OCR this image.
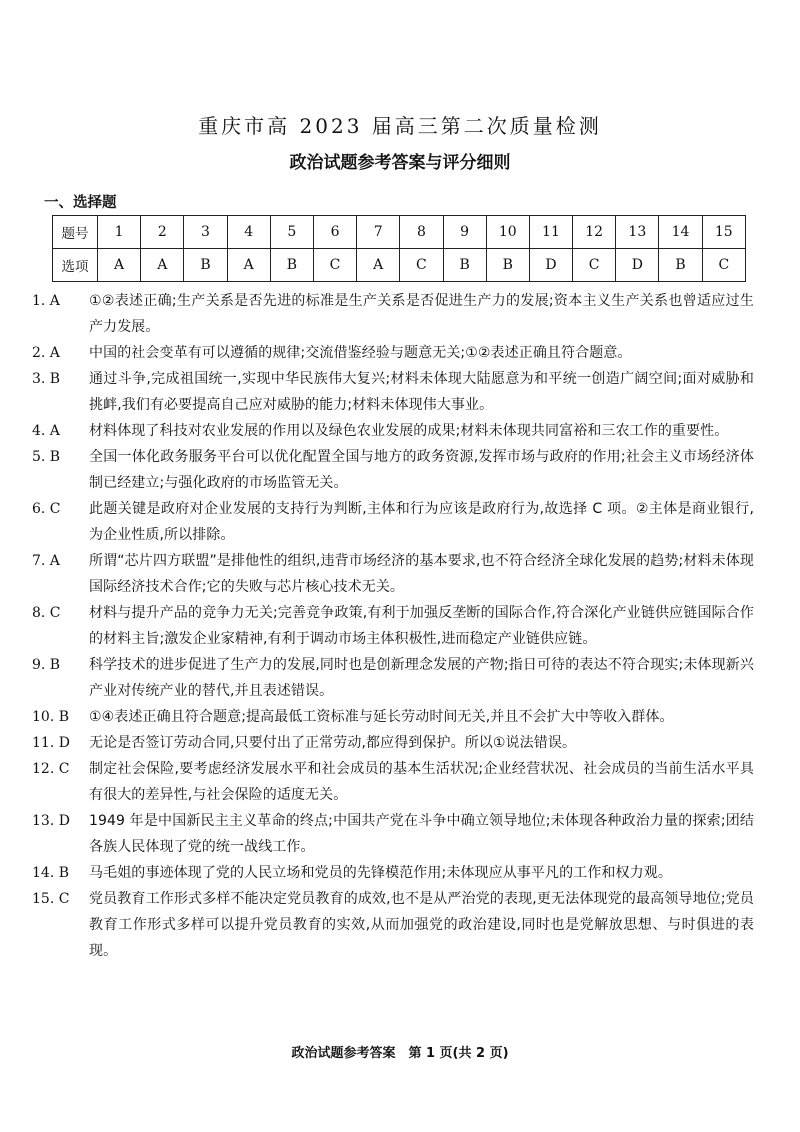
重庆市高 2023 届高三第二次质量检测
政治试题参考答案与评分细则
一、选择题
题号	1	2	3	4	5	6	7	8	9	10	11	12	13	14	15
选项	A	A	B	A	B	C	A	C	B	B	D	C	D	B	C
1. A	①②表述正确;生产关系是否先进的标准是生产关系是否促进生产力的发展;资本主义生产关系也曾适应过生产力发展。
2. A	中国的社会变革有可以遵循的规律;交流借鉴经验与题意无关;①②表述正确且符合题意。
3. B	通过斗争,完成祖国统一,实现中华民族伟大复兴;材料未体现大陆愿意为和平统一创造广阔空间;面对威胁和挑衅,我们有必要提高自己应对威胁的能力;材料未体现伟大事业。
4. A	材料体现了科技对农业发展的作用以及绿色农业发展的成果;材料未体现共同富裕和三农工作的重要性。
5. B	全国一体化政务服务平台可以优化配置全国与地方的政务资源,发挥市场与政府的作用;社会主义市场经济体制已经建立;与强化政府的市场监管无关。
6. C	此题关键是政府对企业发展的支持行为判断,主体和行为应该是政府行为,故选择 C 项。②主体是商业银行,为企业性质,所以排除。
7. A	所谓“芯片四方联盟”是排他性的组织,违背市场经济的基本要求,也不符合经济全球化发展的趋势;材料未体现国际经济技术合作;它的失败与芯片核心技术无关。
8. C	材料与提升产品的竞争力无关;完善竞争政策,有利于加强反垄断的国际合作,符合深化产业链供应链国际合作的材料主旨;激发企业家精神,有利于调动市场主体积极性,进而稳定产业链供应链。
9. B	科学技术的进步促进了生产力的发展,同时也是创新理念发展的产物;指日可待的表达不符合现实;未体现新兴产业对传统产业的替代,并且表述错误。
10. B	①④表述正确且符合题意;提高最低工资标准与延长劳动时间无关,并且不会扩大中等收入群体。
11. D	无论是否签订劳动合同,只要付出了正常劳动,都应得到保护。所以①说法错误。
12. C	制定社会保险,要考虑经济发展水平和社会成员的基本生活状况;企业经营状况、社会成员的当前生活水平具有很大的差异性,与社会保险的适度无关。
13. D	1949 年是中国新民主主义革命的终点;中国共产党在斗争中确立领导地位;未体现各种政治力量的探索;团结各族人民体现了党的统一战线工作。
14. B	马毛姐的事迹体现了党的人民立场和党员的先锋模范作用;未体现应从事平凡的工作和权力观。
15. C	党员教育工作形式多样不能决定党员教育的成效,也不是从严治党的表现,更无法体现党的最高领导地位;党员教育工作形式多样可以提升党员教育的实效,从而加强党的政治建设,同时也是党解放思想、与时俱进的表现。
政治试题参考答案　第 1 页(共 2 页)
